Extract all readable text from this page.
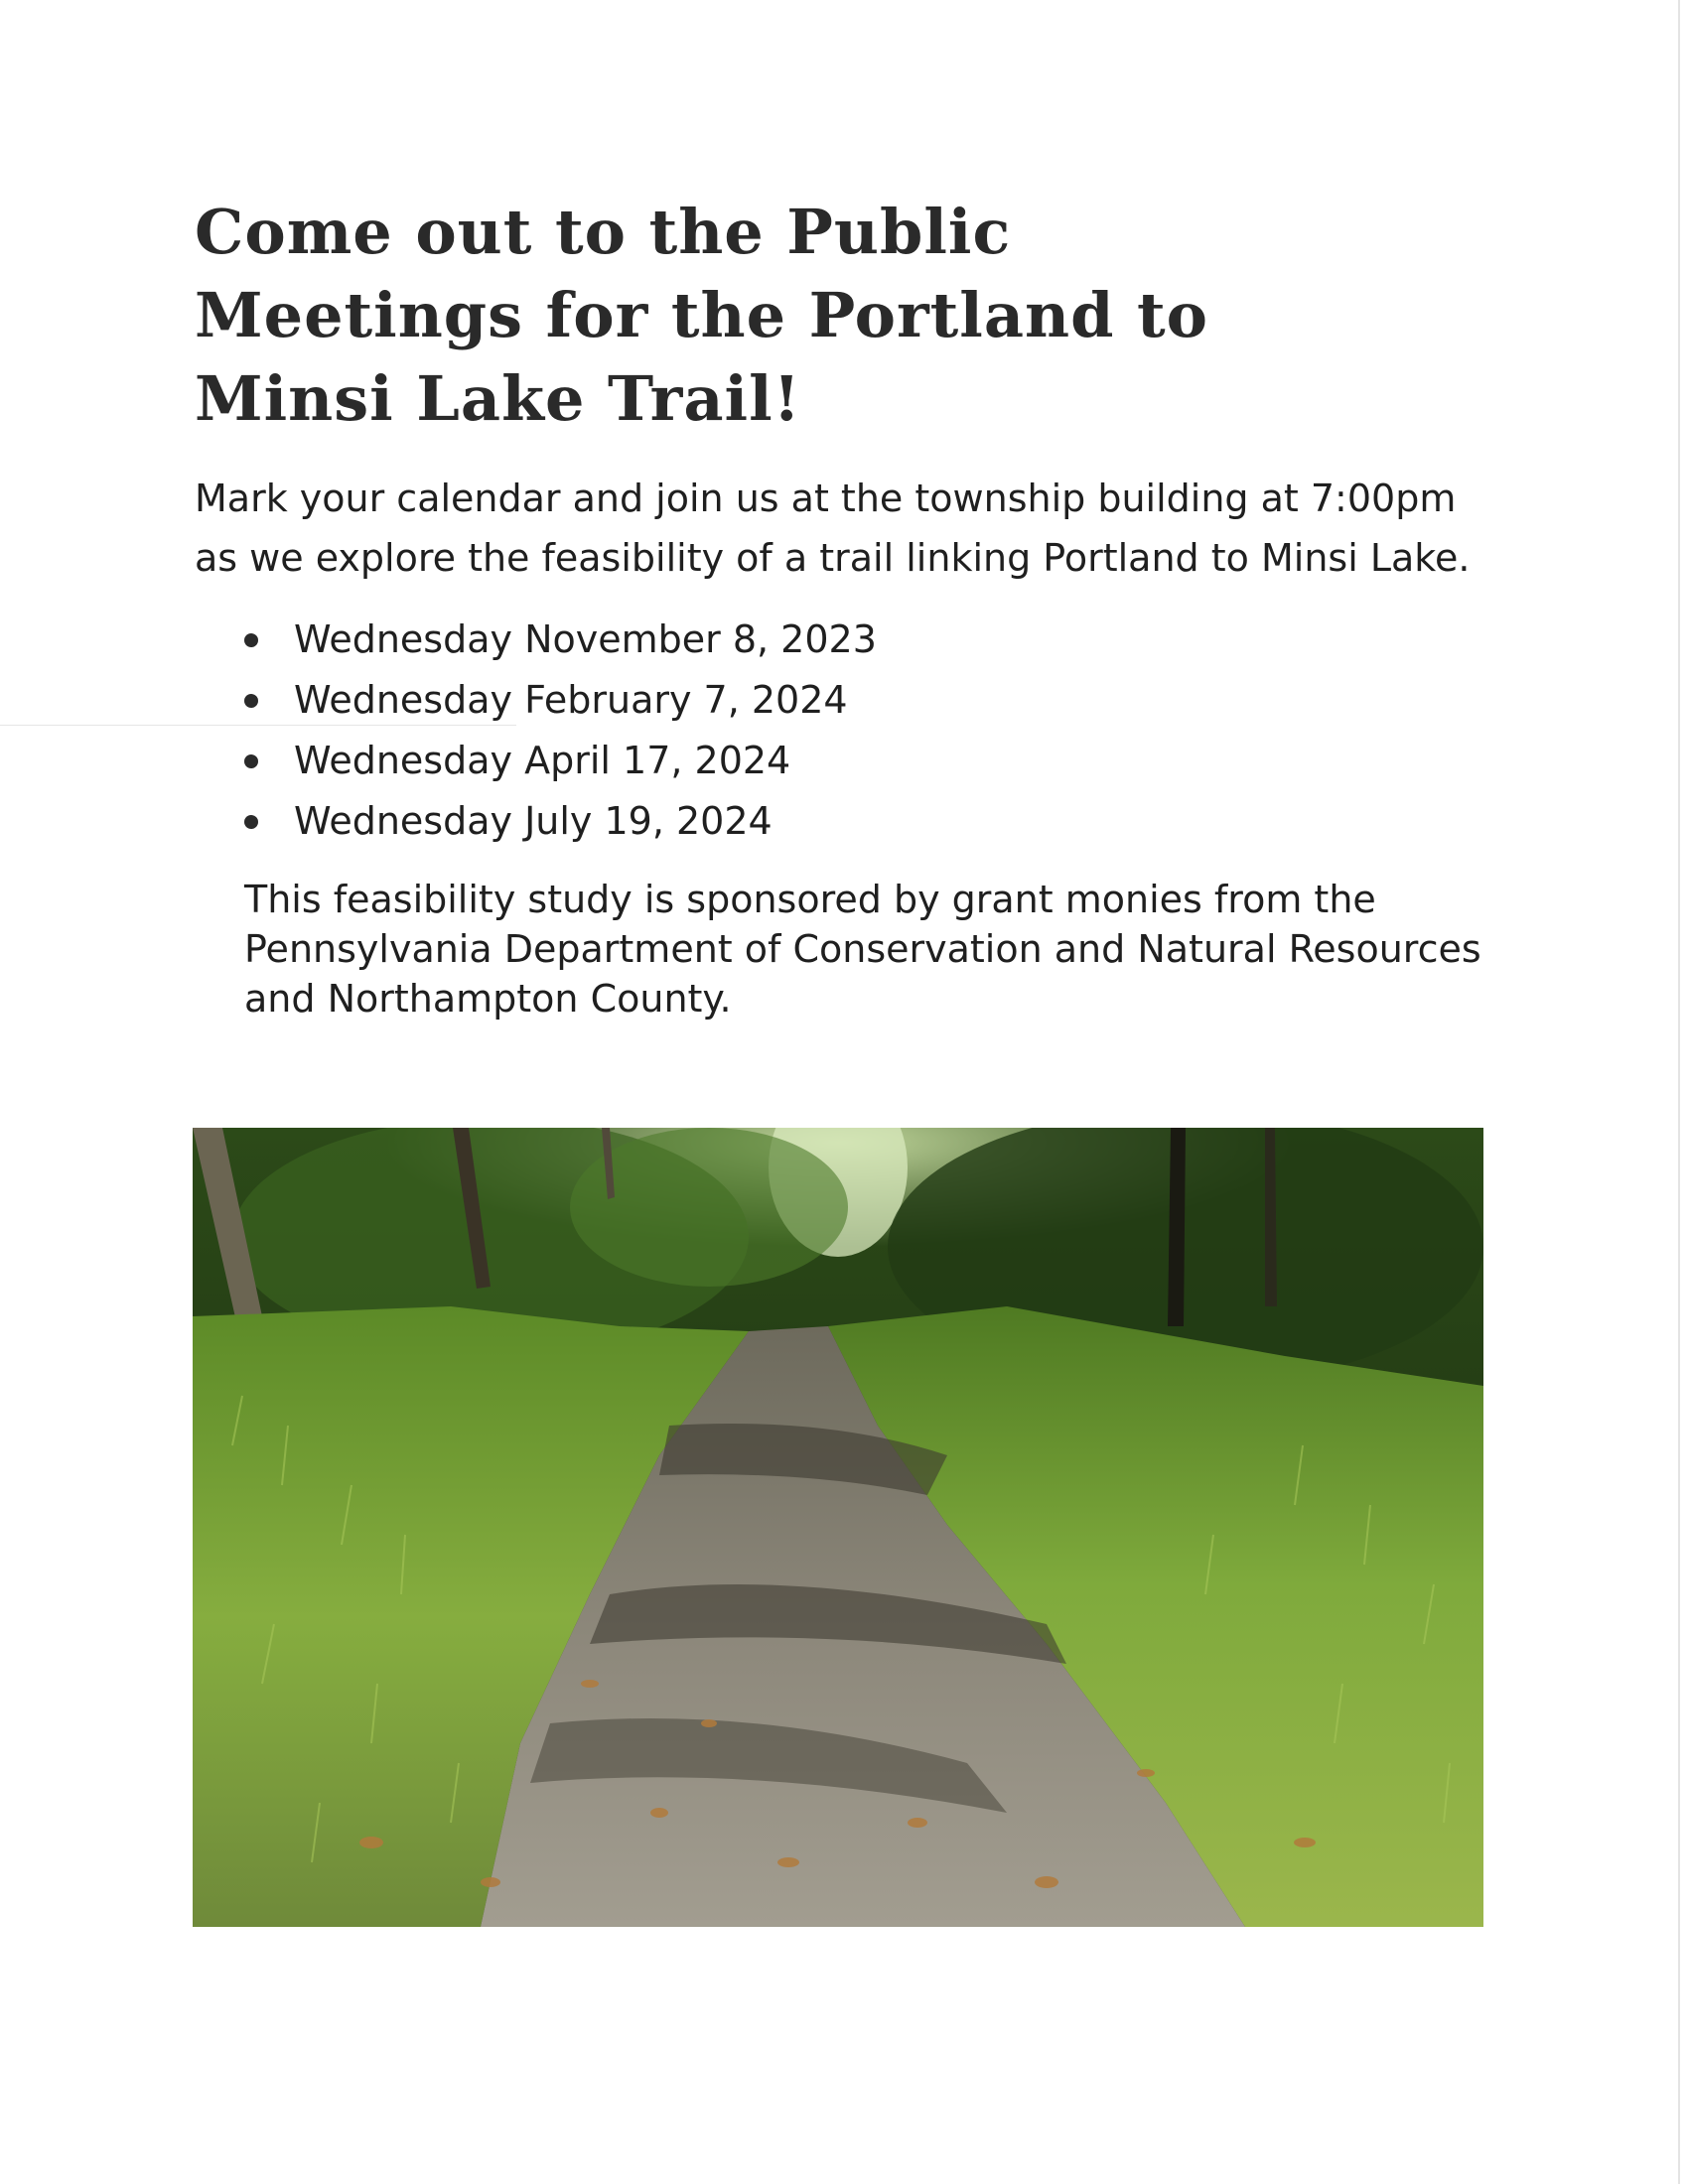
Come out to the Public
Meetings for the Portland to
Minsi Lake Trail!

Mark your calendar and join us at the township building at 7:00pm
as we explore the feasibility of a trail linking Portland to Minsi Lake.

Wednesday November 8, 2023
Wednesday February 7, 2024
Wednesday April 17, 2024
Wednesday July 19, 2024

This feasibility study is sponsored by grant monies from the
Pennsylvania Department of Conservation and Natural Resources
and Northampton County.
